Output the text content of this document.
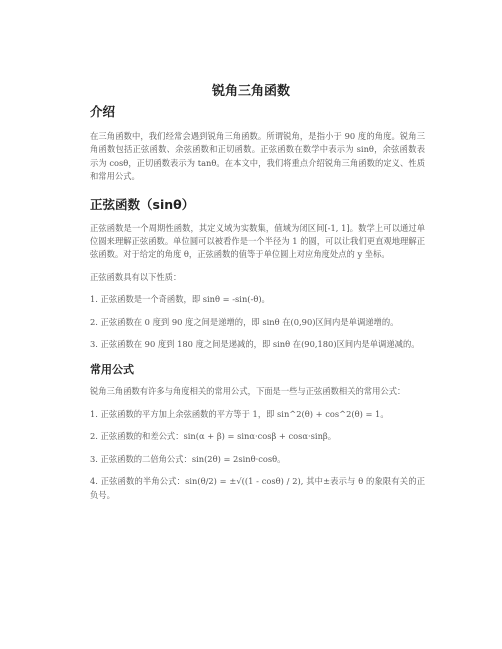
锐角三角函数
介绍

在三角函数中，我们经常会遇到锐角三角函数。所谓锐角，是指小于 90 度的角度。锐角三角函数包括正弦函数、余弦函数和正切函数。正弦函数在数学中表示为 sinθ，余弦函数表示为 cosθ，正切函数表示为 tanθ。在本文中，我们将重点介绍锐角三角函数的定义、性质和常用公式。

正弦函数（sinθ）

正弦函数是一个周期性函数，其定义域为实数集，值域为闭区间[-1, 1]。数学上可以通过单位圆来理解正弦函数。单位圆可以被看作是一个半径为 1 的圆，可以让我们更直观地理解正弦函数。对于给定的角度 θ，正弦函数的值等于单位圆上对应角度处点的 y 坐标。

正弦函数具有以下性质：

1. 正弦函数是一个奇函数，即 sinθ = -sin(-θ)。

2. 正弦函数在 0 度到 90 度之间是递增的，即 sinθ 在(0,90)区间内是单调递增的。

3. 正弦函数在 90 度到 180 度之间是递减的，即 sinθ 在(90,180)区间内是单调递减的。

常用公式

锐角三角函数有许多与角度相关的常用公式，下面是一些与正弦函数相关的常用公式：

1. 正弦函数的平方加上余弦函数的平方等于 1，即 sin^2(θ) + cos^2(θ) = 1。

2. 正弦函数的和差公式：sin(α + β) = sinα·cosβ + cosα·sinβ。

3. 正弦函数的二倍角公式：sin(2θ) = 2sinθ·cosθ。

4. 正弦函数的半角公式：sin(θ/2) = ±√((1 - cosθ) / 2), 其中±表示与 θ 的象限有关的正负号。
